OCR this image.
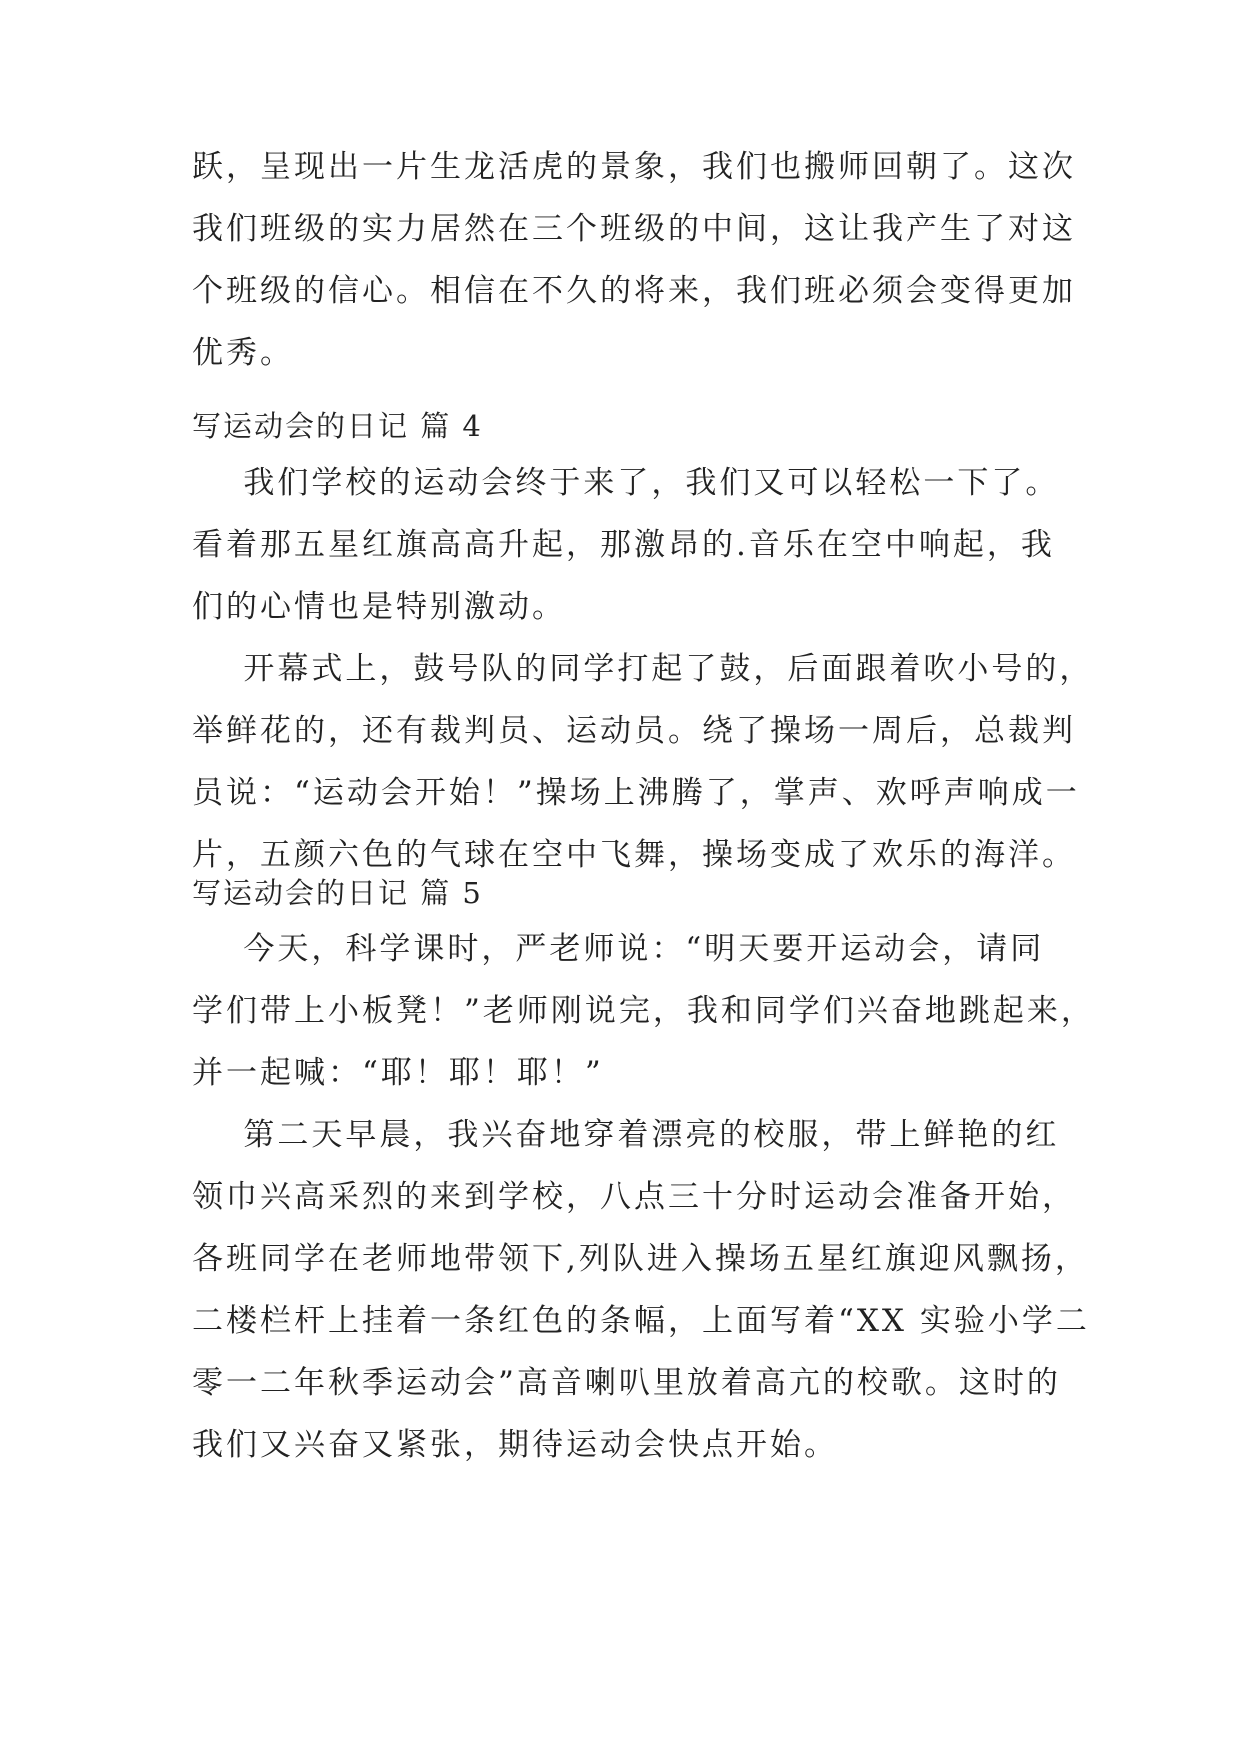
跃，呈现出一片生龙活虎的景象，我们也搬师回朝了。这次
我们班级的实力居然在三个班级的中间，这让我产生了对这
个班级的信心。相信在不久的将来，我们班必须会变得更加
优秀。
写运动会的日记 篇 4
我们学校的运动会终于来了，我们又可以轻松一下了。
看着那五星红旗高高升起，那激昂的.音乐在空中响起，我
们的心情也是特别激动。
开幕式上，鼓号队的同学打起了鼓，后面跟着吹小号的，
举鲜花的，还有裁判员、运动员。绕了操场一周后，总裁判
员说：“运动会开始！”操场上沸腾了，掌声、欢呼声响成一
片，五颜六色的气球在空中飞舞，操场变成了欢乐的海洋。
写运动会的日记 篇 5
今天，科学课时，严老师说：“明天要开运动会，请同
学们带上小板凳！”老师刚说完，我和同学们兴奋地跳起来，
并一起喊：“耶！耶！耶！”
第二天早晨，我兴奋地穿着漂亮的校服，带上鲜艳的红
领巾兴高采烈的来到学校，八点三十分时运动会准备开始，
各班同学在老师地带领下,列队进入操场五星红旗迎风飘扬，
二楼栏杆上挂着一条红色的条幅，上面写着“XX 实验小学二
零一二年秋季运动会”高音喇叭里放着高亢的校歌。这时的
我们又兴奋又紧张，期待运动会快点开始。
